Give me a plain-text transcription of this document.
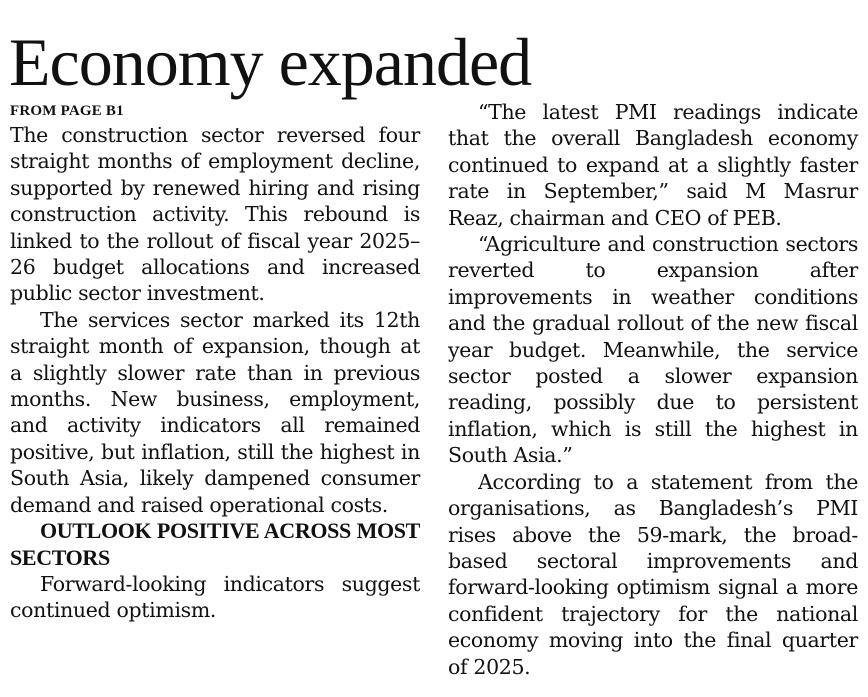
Economy expanded
FROM PAGE B1

The construction sector reversed four straight months of employment decline, supported by renewed hiring and rising construction activity. This rebound is linked to the rollout of fiscal year 2025–26 budget allocations and increased public sector investment.

The services sector marked its 12th straight month of expansion, though at a slightly slower rate than in previous months. New business, employment, and activity indicators all remained positive, but inflation, still the highest in South Asia, likely dampened consumer demand and raised operational costs.

OUTLOOK POSITIVE ACROSS MOST SECTORS

Forward-looking indicators suggest continued optimism.

“The latest PMI readings indicate that the overall Bangladesh economy continued to expand at a slightly faster rate in September,” said M Masrur Reaz, chairman and CEO of PEB.

“Agriculture and construction sectors reverted to expansion after improvements in weather conditions and the gradual rollout of the new fiscal year budget. Meanwhile, the service sector posted a slower expansion reading, possibly due to persistent inflation, which is still the highest in South Asia.”

According to a statement from the organisations, as Bangladesh’s PMI rises above the 59-mark, the broad-based sectoral improvements and forward-looking optimism signal a more confident trajectory for the national economy moving into the final quarter of 2025.
